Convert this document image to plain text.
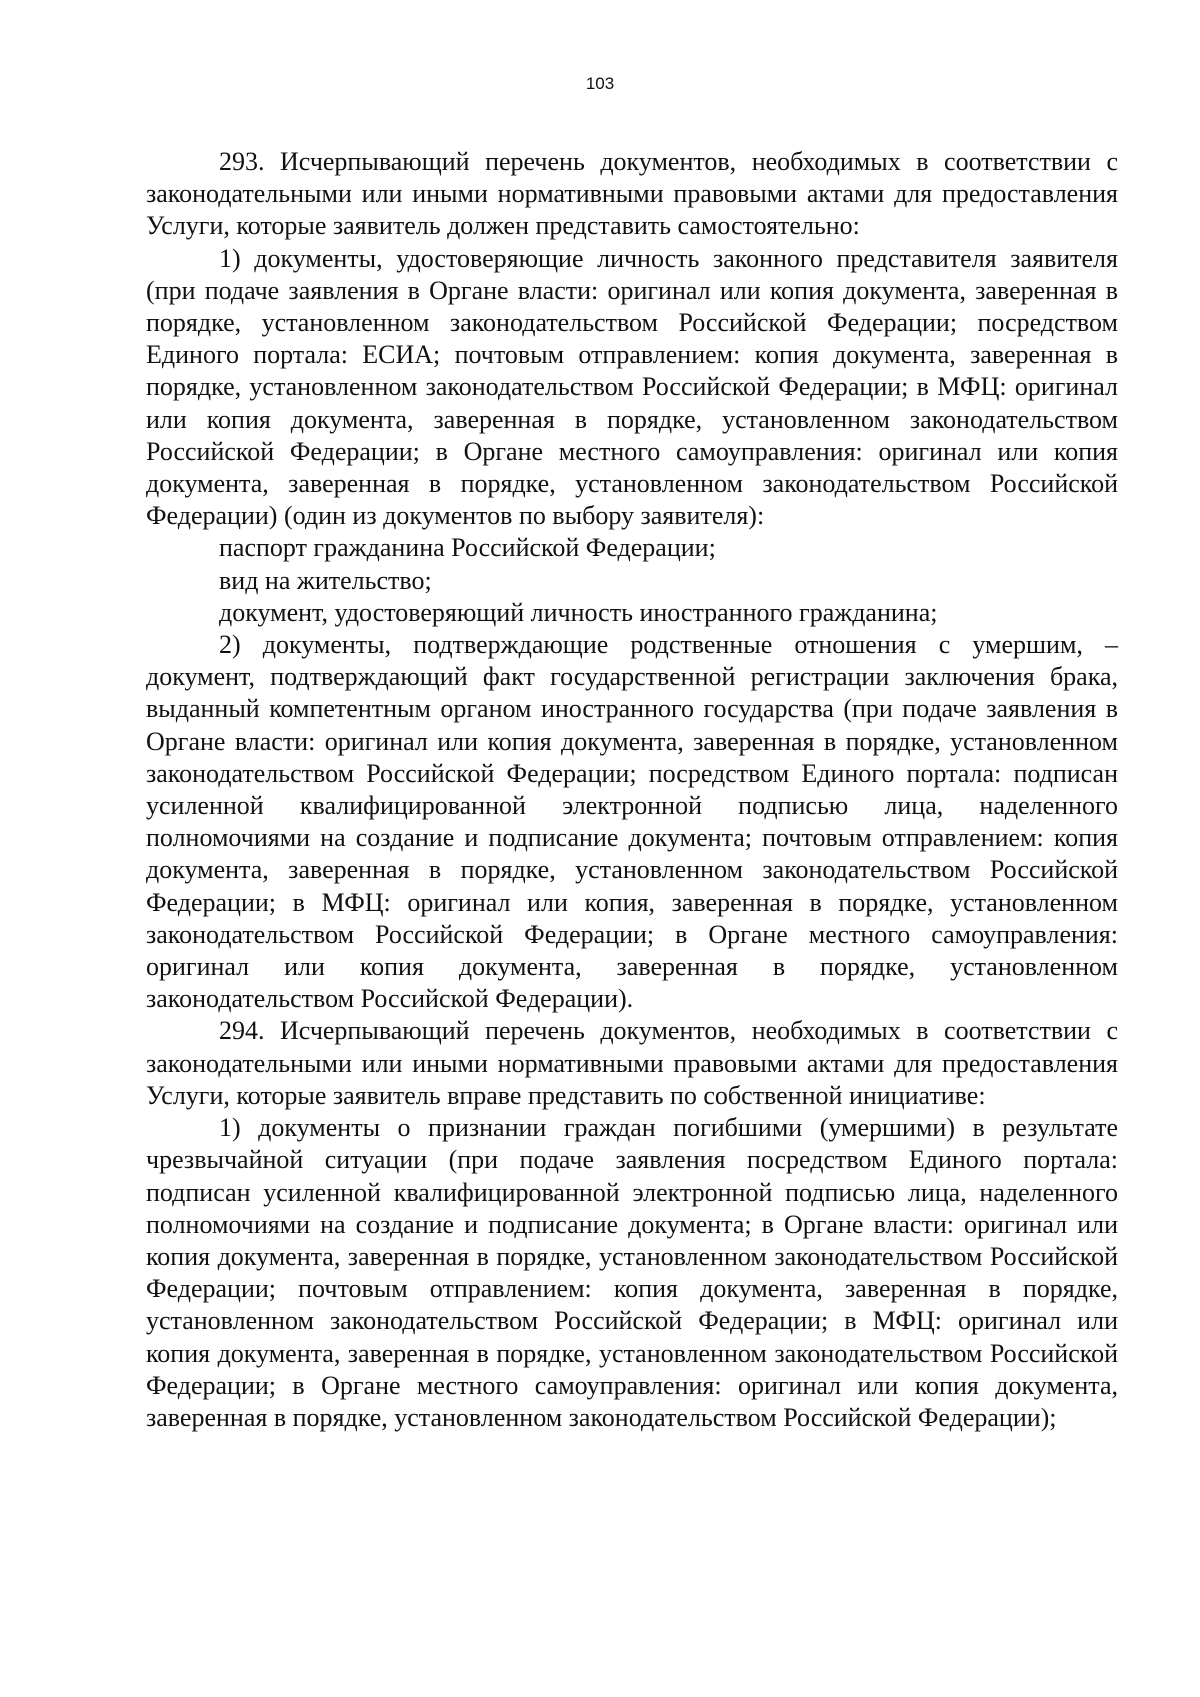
103

293. Исчерпывающий перечень документов, необходимых в соответствии с законодательными или иными нормативными правовыми актами для предоставления Услуги, которые заявитель должен представить самостоятельно:

1) документы, удостоверяющие личность законного представителя заявителя (при подаче заявления в Органе власти: оригинал или копия документа, заверенная в порядке, установленном законодательством Российской Федерации; посредством Единого портала: ЕСИА; почтовым отправлением: копия документа, заверенная в порядке, установленном законодательством Российской Федерации; в МФЦ: оригинал или копия документа, заверенная в порядке, установленном законодательством Российской Федерации; в Органе местного самоуправления: оригинал или копия документа, заверенная в порядке, установленном законодательством Российской Федерации) (один из документов по выбору заявителя):

паспорт гражданина Российской Федерации;

вид на жительство;

документ, удостоверяющий личность иностранного гражданина;

2) документы, подтверждающие родственные отношения с умершим, – документ, подтверждающий факт государственной регистрации заключения брака, выданный компетентным органом иностранного государства (при подаче заявления в Органе власти: оригинал или копия документа, заверенная в порядке, установленном законодательством Российской Федерации; посредством Единого портала: подписан усиленной квалифицированной электронной подписью лица, наделенного полномочиями на создание и подписание документа; почтовым отправлением: копия документа, заверенная в порядке, установленном законодательством Российской Федерации; в МФЦ: оригинал или копия, заверенная в порядке, установленном законодательством Российской Федерации; в Органе местного самоуправления: оригинал или копия документа, заверенная в порядке, установленном законодательством Российской Федерации).

294. Исчерпывающий перечень документов, необходимых в соответствии с законодательными или иными нормативными правовыми актами для предоставления Услуги, которые заявитель вправе представить по собственной инициативе:

1) документы о признании граждан погибшими (умершими) в результате чрезвычайной ситуации (при подаче заявления посредством Единого портала: подписан усиленной квалифицированной электронной подписью лица, наделенного полномочиями на создание и подписание документа; в Органе власти: оригинал или копия документа, заверенная в порядке, установленном законодательством Российской Федерации; почтовым отправлением: копия документа, заверенная в порядке, установленном законодательством Российской Федерации; в МФЦ: оригинал или копия документа, заверенная в порядке, установленном законодательством Российской Федерации; в Органе местного самоуправления: оригинал или копия документа, заверенная в порядке, установленном законодательством Российской Федерации);
